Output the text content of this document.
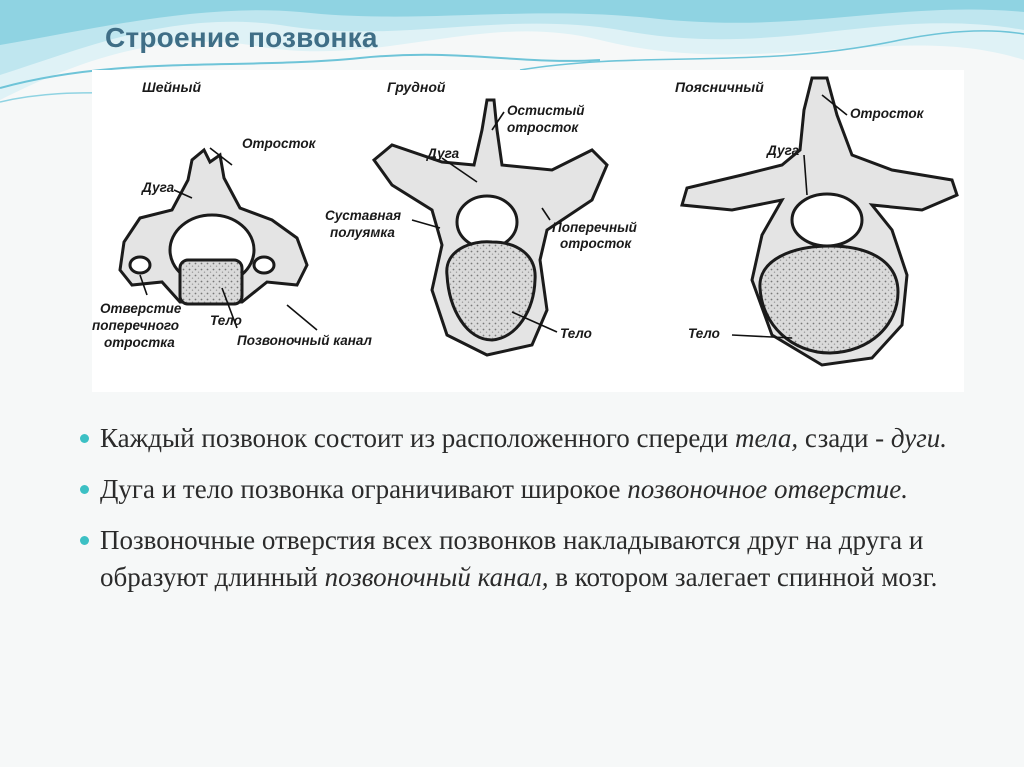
Строение позвонка
Шейный	Грудной	Поясничный
Отросток
Дуга
Отверстие
поперечного
отростка
Тело
Позвоночный канал
Остистый
отросток
Дуга
Суставная
полуямка	Поперечный
отросток
Тело
Отросток
Дуга
Тело
Каждый позвонок состоит из расположенного спереди тела, сзади - дуги.
Дуга и тело позвонка ограничивают широкое позвоночное отверстие.
Позвоночные отверстия всех позвонков накладываются друг на друга и образуют длинный позвоночный канал, в котором залегает спинной мозг.
